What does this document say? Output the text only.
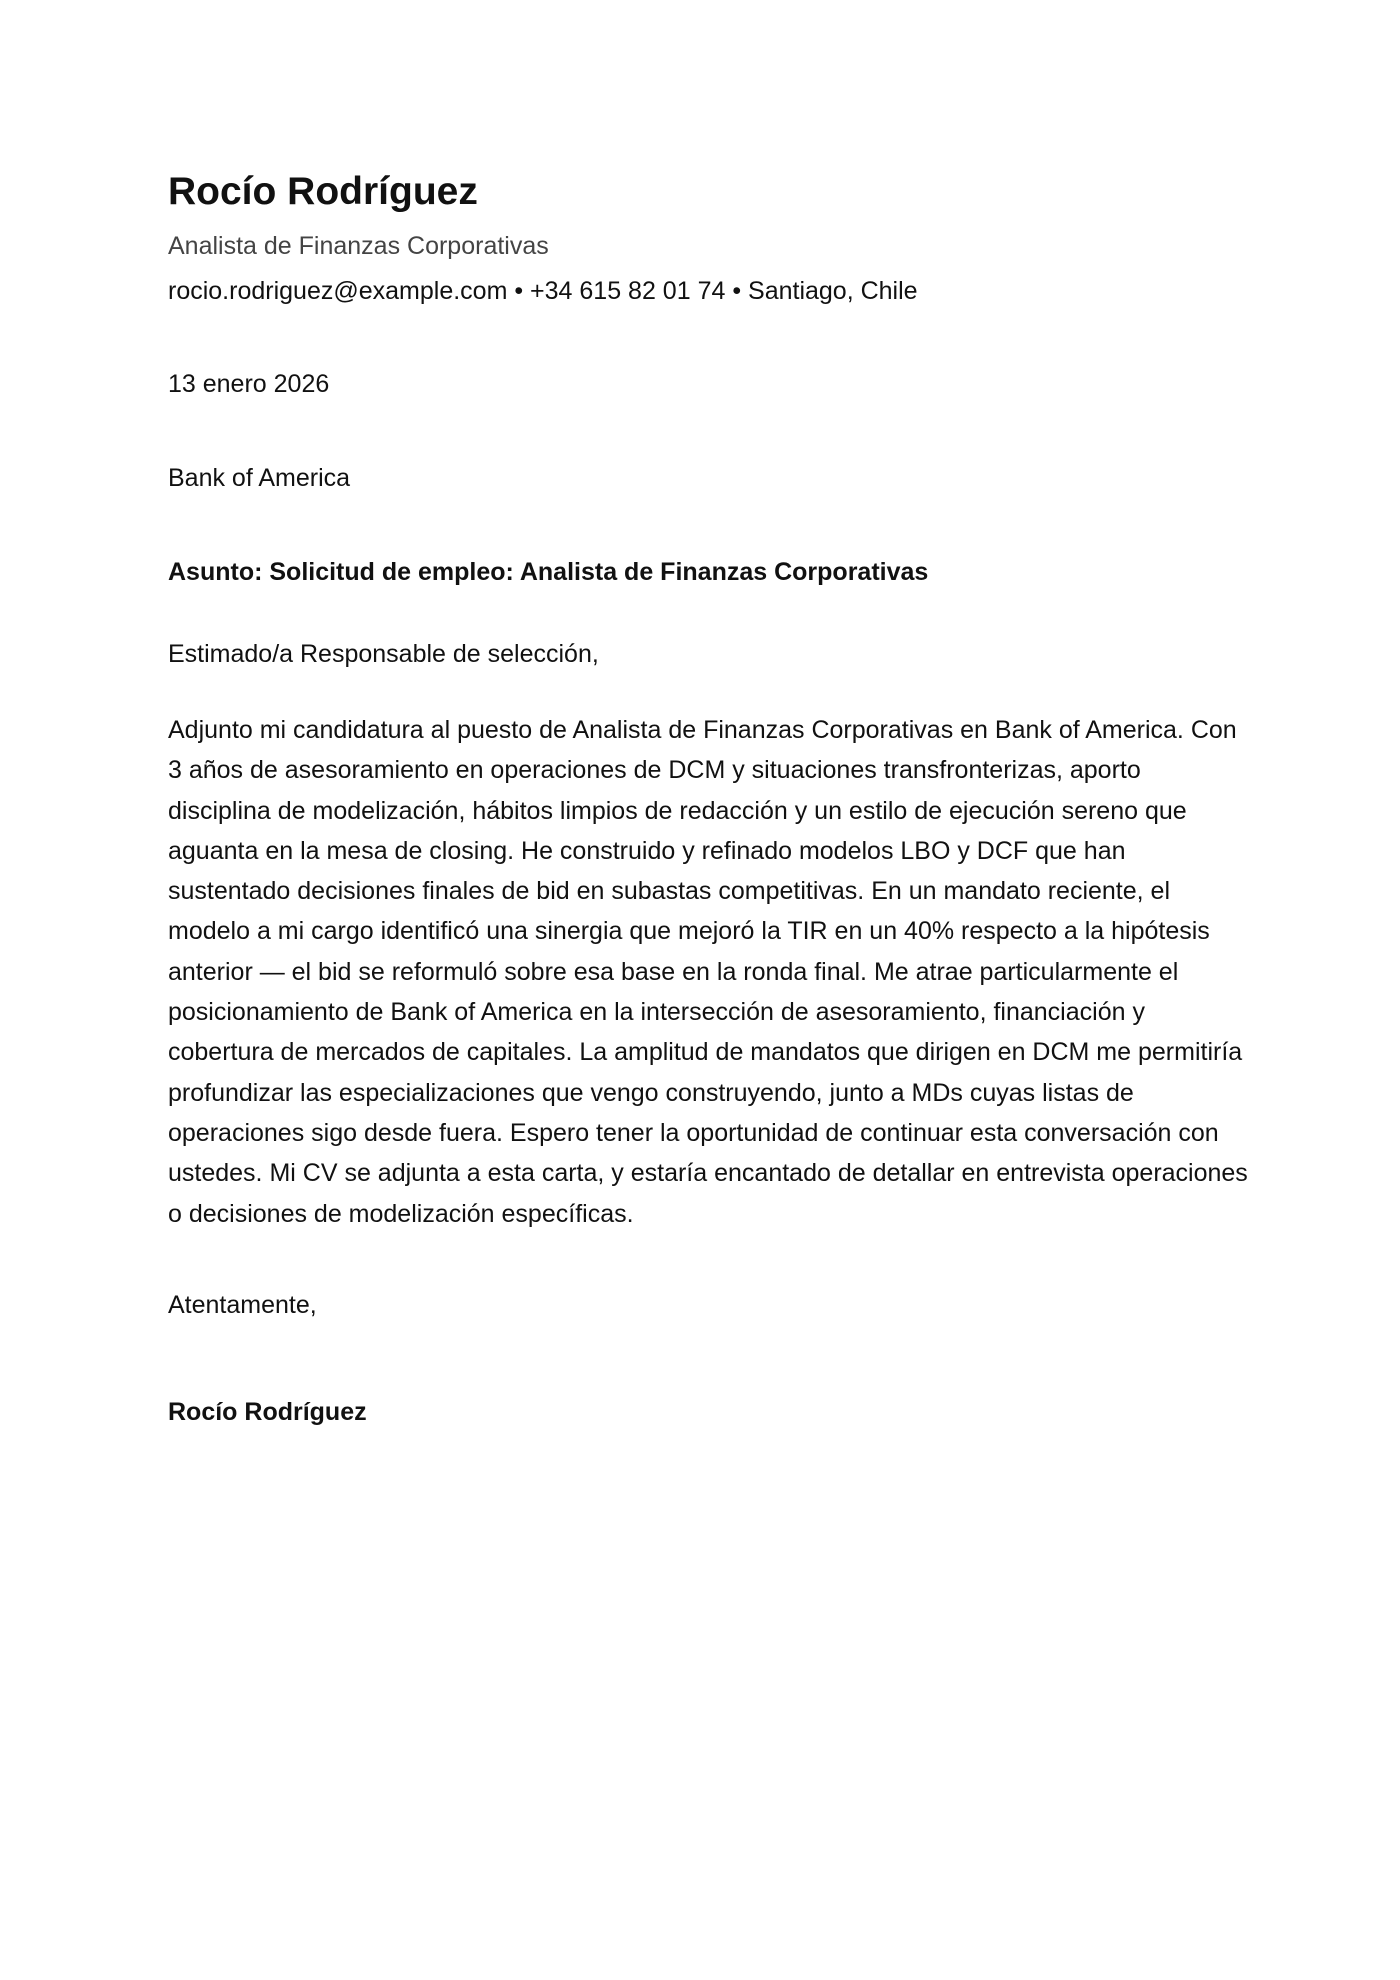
Rocío Rodríguez

Analista de Finanzas Corporativas

rocio.rodriguez@example.com • +34 615 82 01 74 • Santiago, Chile

13 enero 2026

Bank of America

Asunto: Solicitud de empleo: Analista de Finanzas Corporativas

Estimado/a Responsable de selección,

Adjunto mi candidatura al puesto de Analista de Finanzas Corporativas en Bank of America. Con 3 años de asesoramiento en operaciones de DCM y situaciones transfronterizas, aporto disciplina de modelización, hábitos limpios de redacción y un estilo de ejecución sereno que aguanta en la mesa de closing. He construido y refinado modelos LBO y DCF que han sustentado decisiones finales de bid en subastas competitivas. En un mandato reciente, el modelo a mi cargo identificó una sinergia que mejoró la TIR en un 40% respecto a la hipótesis anterior — el bid se reformuló sobre esa base en la ronda final. Me atrae particularmente el posicionamiento de Bank of America en la intersección de asesoramiento, financiación y cobertura de mercados de capitales. La amplitud de mandatos que dirigen en DCM me permitiría profundizar las especializaciones que vengo construyendo, junto a MDs cuyas listas de operaciones sigo desde fuera. Espero tener la oportunidad de continuar esta conversación con ustedes. Mi CV se adjunta a esta carta, y estaría encantado de detallar en entrevista operaciones o decisiones de modelización específicas.

Atentamente,

Rocío Rodríguez
